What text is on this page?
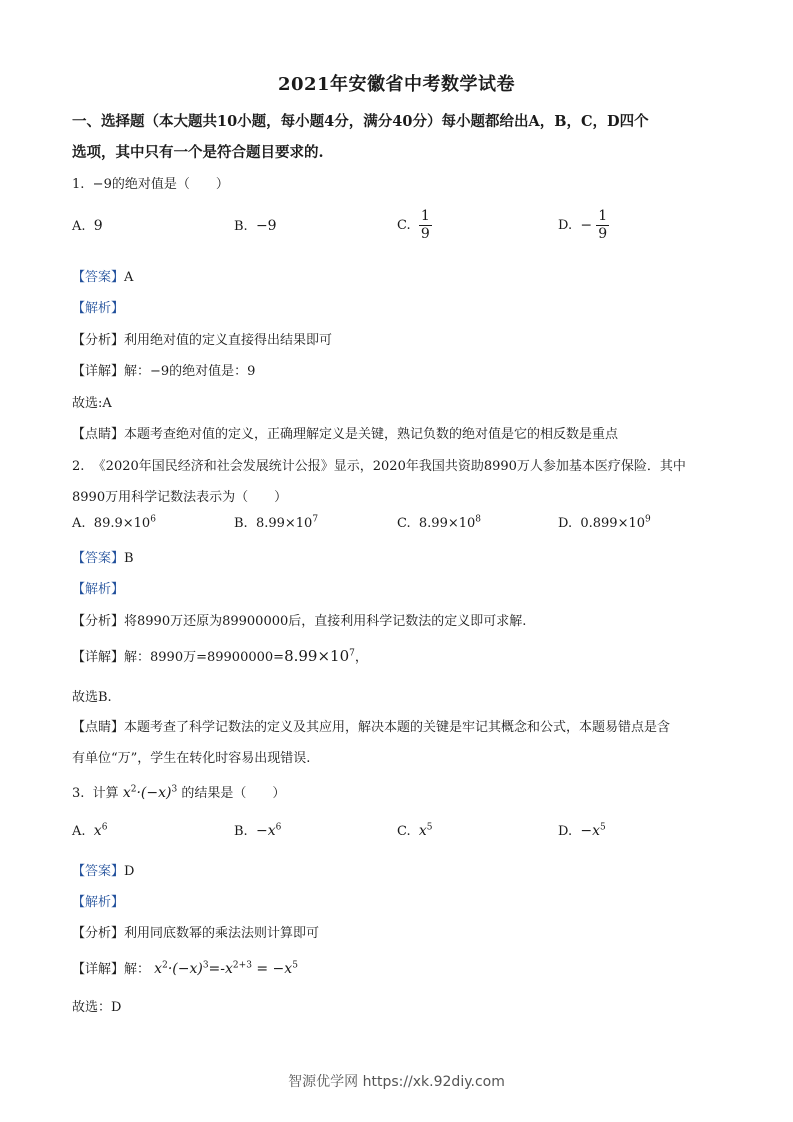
2021年安徽省中考数学试卷
一、选择题（本大题共10小题，每小题4分，满分40分）每小题都给出A，B，C，D四个
选项，其中只有一个是符合题目要求的.
1. −9的绝对值是（　　）
A. 9	B. −9	C. $\frac{1}{9}$	D. − $\frac{1}{9}$
【答案】A
【解析】
【分析】利用绝对值的定义直接得出结果即可
【详解】解：−9的绝对值是：9
故选:A
【点睛】本题考查绝对值的定义，正确理解定义是关键，熟记负数的绝对值是它的相反数是重点
2. 《2020年国民经济和社会发展统计公报》显示，2020年我国共资助8990万人参加基本医疗保险．其中
8990万用科学记数法表示为（　　）
A. $89.9\times 10^6$	B. $8.99\times 10^7$	C. $8.99\times 10^8$	D. $0.899\times 10^9$
【答案】B
【解析】
【分析】将8990万还原为89900000后，直接利用科学记数法的定义即可求解.
【详解】解：8990万$=89900000=8.99\times 10^7$，
故选B.
【点睛】本题考查了科学记数法的定义及其应用，解决本题的关键是牢记其概念和公式，本题易错点是含
有单位“万”，学生在转化时容易出现错误.
3. 计算 $x^2\cdot(-x)^3$ 的结果是（　　）
A. $x^6$	B. $-x^6$	C. $x^5$	D. $-x^5$
【答案】D
【解析】
【分析】利用同底数幂的乘法法则计算即可
【详解】解： $x^2\cdot(-x)^3=-x^{2+3} = -x^5$
故选：D
智源优学网 https://xk.92diy.com
